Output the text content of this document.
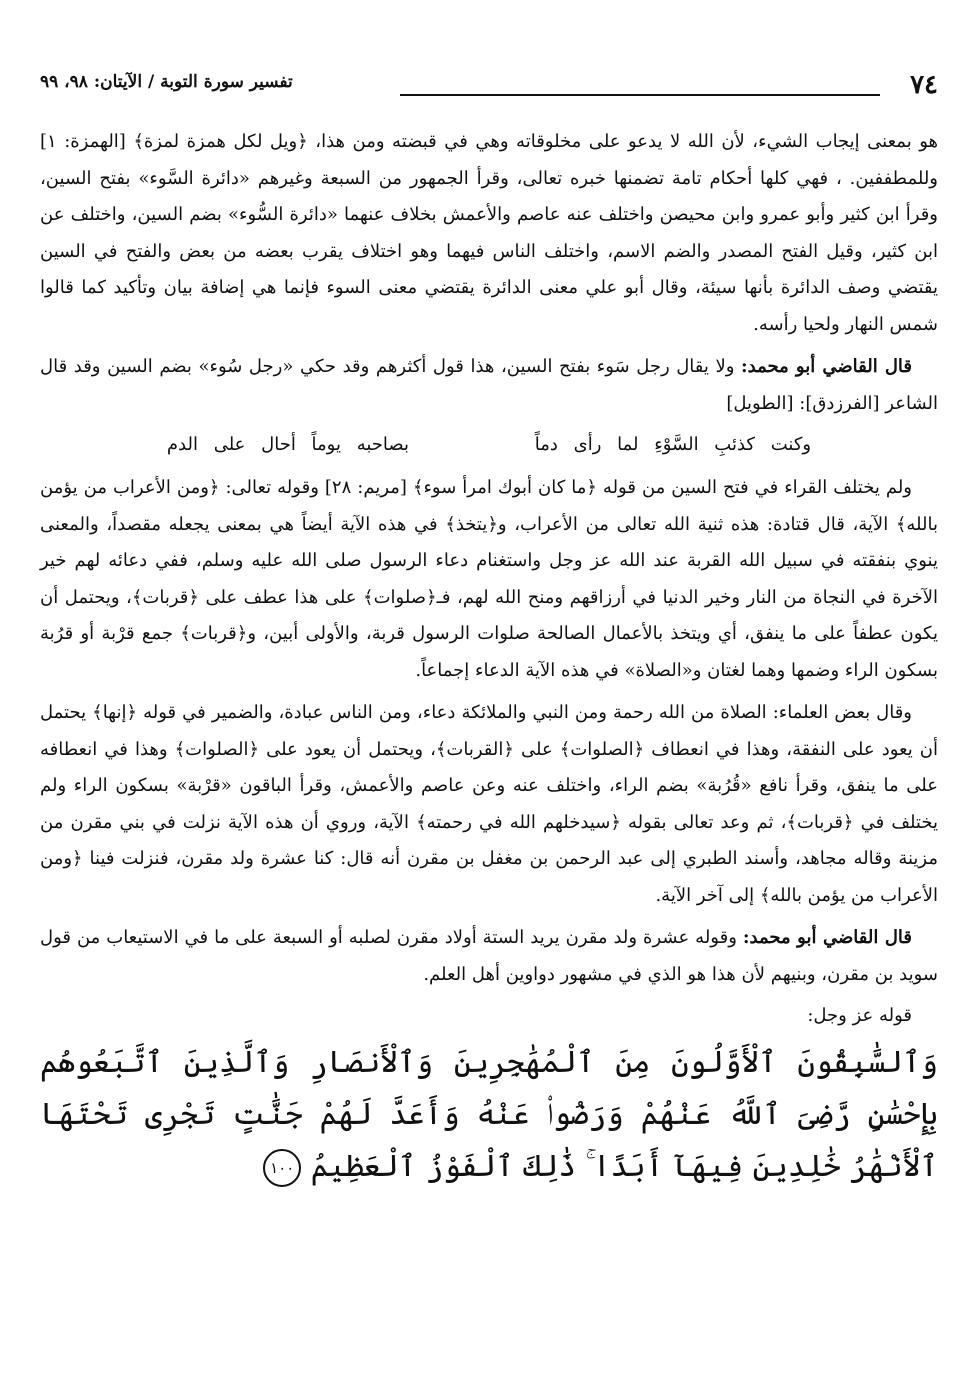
٧٤
تفسير سورة التوبة / الآيتان: ٩٨، ٩٩

هو بمعنى إيجاب الشيء، لأن الله لا يدعو على مخلوقاته وهي في قبضته ومن هذا، ﴿ويل لكل همزة لمزة﴾ [الهمزة: ١] وللمطففين. ، فهي كلها أحكام تامة تضمنها خبره تعالى، وقرأ الجمهور من السبعة وغيرهم «دائرة السَّوء» بفتح السين، وقرأ ابن كثير وأبو عمرو وابن محيصن واختلف عنه عاصم والأعمش بخلاف عنهما «دائرة السُّوء» بضم السين، واختلف عن ابن كثير، وقيل الفتح المصدر والضم الاسم، واختلف الناس فيهما وهو اختلاف يقرب بعضه من بعض والفتح في السين يقتضي وصف الدائرة بأنها سيئة، وقال أبو علي معنى الدائرة يقتضي معنى السوء فإنما هي إضافة بيان وتأكيد كما قالوا شمس النهار ولحيا رأسه.

قال القاضي أبو محمد: ولا يقال رجل سَوء بفتح السين، هذا قول أكثرهم وقد حكي «رجل سُوء» بضم السين وقد قال الشاعر [الفرزدق]: [الطويل]

وكنت كذئبِ السَّوْءِ لما رأى دماً        بصاحبه يوماً أحال على الدم

ولم يختلف القراء في فتح السين من قوله ﴿ما كان أبوك امرأ سوء﴾ [مريم: ٢٨] وقوله تعالى: ﴿ومن الأعراب من يؤمن بالله﴾ الآية، قال قتادة: هذه ثنية الله تعالى من الأعراب، و﴿يتخذ﴾ في هذه الآية أيضاً هي بمعنى يجعله مقصداً، والمعنى ينوي بنفقته في سبيل الله القربة عند الله عز وجل واستغنام دعاء الرسول صلى الله عليه وسلم، ففي دعائه لهم خير الآخرة في النجاة من النار وخير الدنيا في أرزاقهم ومنح الله لهم، فـ﴿صلوات﴾ على هذا عطف على ﴿قربات﴾، ويحتمل أن يكون عطفاً على ما ينفق، أي ويتخذ بالأعمال الصالحة صلوات الرسول قربة، والأولى أبين، و﴿قربات﴾ جمع قرْبة أو قرُبة بسكون الراء وضمها وهما لغتان و«الصلاة» في هذه الآية الدعاء إجماعاً.

وقال بعض العلماء: الصلاة من الله رحمة ومن النبي والملائكة دعاء، ومن الناس عبادة، والضمير في قوله ﴿إنها﴾ يحتمل أن يعود على النفقة، وهذا في انعطاف ﴿الصلوات﴾ على ﴿القربات﴾، ويحتمل أن يعود على ﴿الصلوات﴾ وهذا في انعطافه على ما ينفق، وقرأ نافع «قُرُبة» بضم الراء، واختلف عنه وعن عاصم والأعمش، وقرأ الباقون «قرْبة» بسكون الراء ولم يختلف في ﴿قربات﴾، ثم وعد تعالى بقوله ﴿سيدخلهم الله في رحمته﴾ الآية، وروي أن هذه الآية نزلت في بني مقرن من مزينة وقاله مجاهد، وأسند الطبري إلى عبد الرحمن بن مغفل بن مقرن أنه قال: كنا عشرة ولد مقرن، فنزلت فينا ﴿ومن الأعراب من يؤمن بالله﴾ إلى آخر الآية.

قال القاضي أبو محمد: وقوله عشرة ولد مقرن يريد الستة أولاد مقرن لصلبه أو السبعة على ما في الاستيعاب من قول سويد بن مقرن، وبنيهم لأن هذا هو الذي في مشهور دواوين أهل العلم.

قوله عز وجل:

وَٱلسَّٰبِقُونَ ٱلْأَوَّلُونَ مِنَ ٱلْمُهَٰجِرِينَ وَٱلْأَنصَارِ وَٱلَّذِينَ ٱتَّبَعُوهُم بِإِحْسَٰنٍ رَّضِىَ ٱللَّهُ عَنْهُمْ وَرَضُوا۟ عَنْهُ وَأَعَدَّ لَهُمْ جَنَّٰتٍ تَجْرِى تَحْتَهَا ٱلْأَنْهَٰرُ خَٰلِدِينَ فِيهَآ أَبَدًا ۚ ذَٰلِكَ ٱلْفَوْزُ ٱلْعَظِيمُ ١٠٠
